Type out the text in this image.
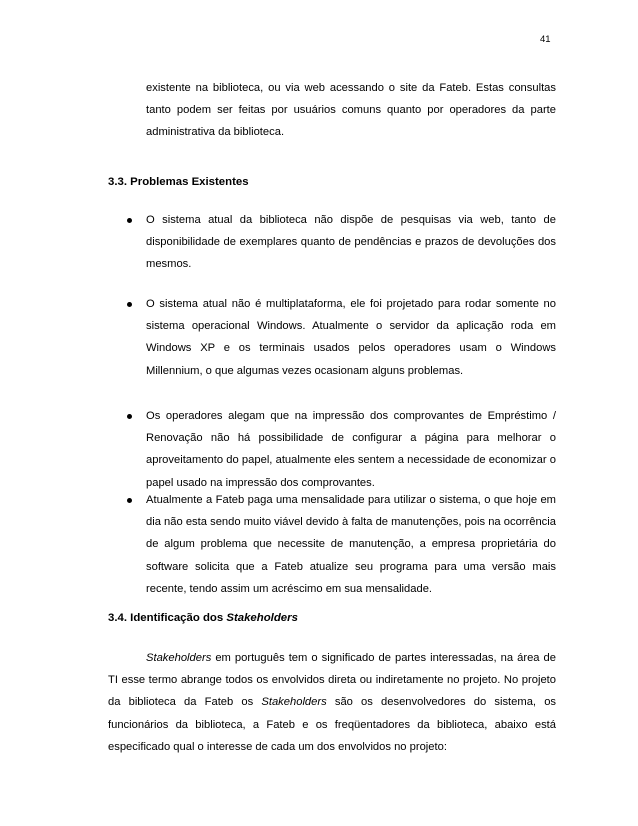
41

existente na biblioteca, ou via web acessando o site da Fateb. Estas consultas tanto podem ser feitas por usuários comuns quanto por operadores da parte administrativa da biblioteca.

3.3. Problemas Existentes

O sistema atual da biblioteca não dispõe de pesquisas via web, tanto de disponibilidade de exemplares quanto de pendências e prazos de devoluções dos mesmos.

O sistema atual não é multiplataforma, ele foi projetado para rodar somente no sistema operacional Windows. Atualmente o servidor da aplicação roda em Windows XP e os terminais usados pelos operadores usam o Windows Millennium, o que algumas vezes ocasionam alguns problemas.

Os operadores alegam que na impressão dos comprovantes de Empréstimo / Renovação não há possibilidade de configurar a página para melhorar o aproveitamento do papel, atualmente eles sentem a necessidade de economizar o papel usado na impressão dos comprovantes.

Atualmente a Fateb paga uma mensalidade para utilizar o sistema, o que hoje em dia não esta sendo muito viável devido à falta de manutenções, pois na ocorrência de algum problema que necessite de manutenção, a empresa proprietária do software solicita que a Fateb atualize seu programa para uma versão mais recente, tendo assim um acréscimo em sua mensalidade.

3.4. Identificação dos Stakeholders

Stakeholders em português tem o significado de partes interessadas, na área de TI esse termo abrange todos os envolvidos direta ou indiretamente no projeto. No projeto da biblioteca da Fateb os Stakeholders são os desenvolvedores do sistema, os funcionários da biblioteca, a Fateb e os freqüentadores da biblioteca, abaixo está especificado qual o interesse de cada um dos envolvidos no projeto:
